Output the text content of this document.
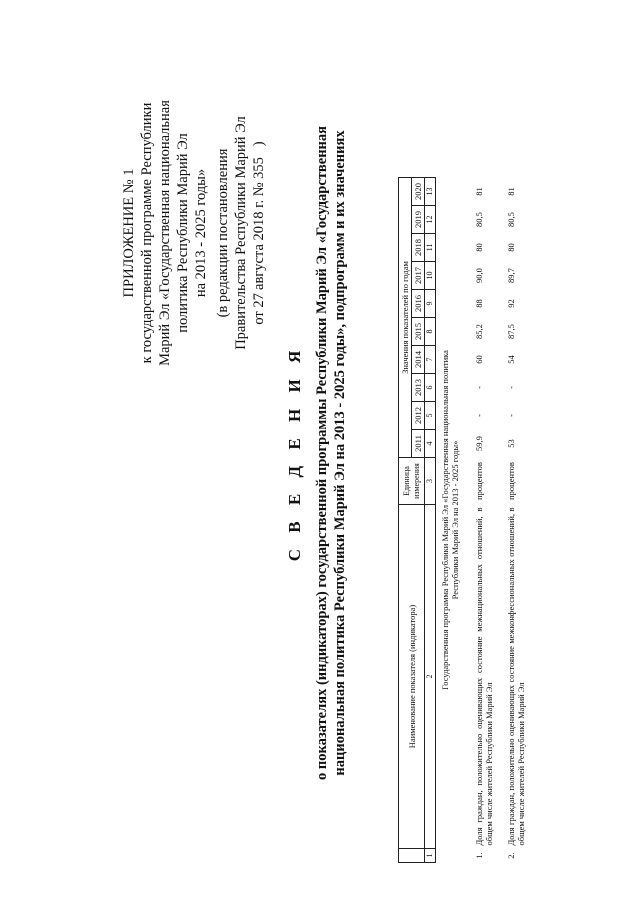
ПРИЛОЖЕНИЕ № 1 к государственной программе Республики Марий Эл «Государственная национальная политика Республики Марий Эл на 2013 - 2025 годы» (в редакции постановления Правительства Республики Марий Эл от 27 августа 2018 г. № 355   )
С В Е Д Е Н И Я о показателях (индикаторах) государственной программы Республики Марий Эл «Государственная национальная политика Республики Марий Эл на 2013 - 2025 годы», подпрограмм и их значениях
		Наименование показателя (индикатора)	Единица измерения	Значения показателей по годам									
			2011	2012	2013	2014	2015	2016	2017	2018	2019	2020
1	2	3	4	5	6	7	8	9	10	11	12	13
Государственная программа Республики Марий Эл «Государственная национальная политика
Республики Марий Эл на 2013 - 2025 годы»												
1.	Доля граждан, положительно оценивающих состояние межнациональных отношений, в общем числе жителей Республики Марий Эл	процентов	59,9	-	-	60	85,2	88	90,0	80	80,5	81
2.	Доля граждан, положительно оценивающих состояние межконфессиональных отношений, в общем числе жителей Республики Марий Эл	процентов	53	-	-	54	87,5	92	89,7	80	80,5	81
